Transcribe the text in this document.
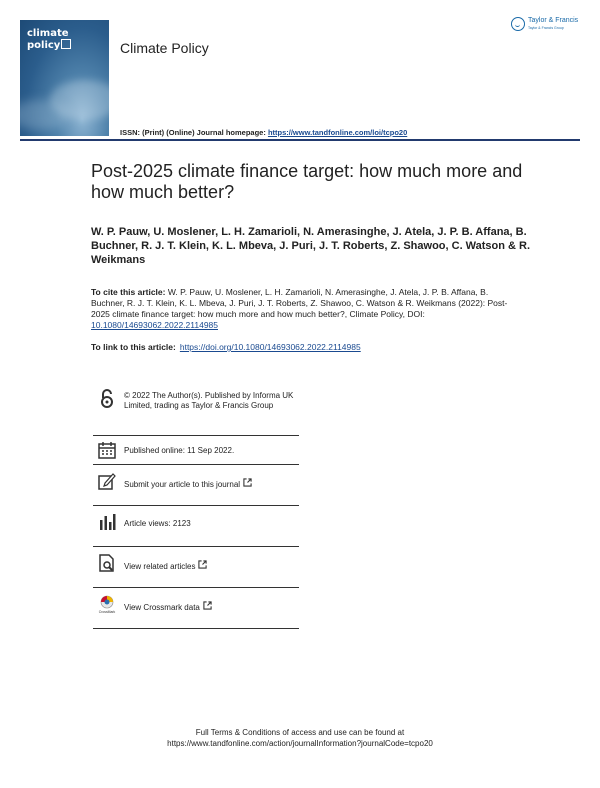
climate
policy	Climate Policy
Taylor & Francis
Taylor & Francis Group
ISSN: (Print) (Online) Journal homepage: https://www.tandfonline.com/loi/tcpo20
Post-2025 climate finance target: how much more and how much better?
W. P. Pauw, U. Moslener, L. H. Zamarioli, N. Amerasinghe, J. Atela, J. P. B. Affana, B. Buchner, R. J. T. Klein, K. L. Mbeva, J. Puri, J. T. Roberts, Z. Shawoo, C. Watson & R. Weikmans
To cite this article: W. P. Pauw, U. Moslener, L. H. Zamarioli, N. Amerasinghe, J. Atela, J. P. B. Affana, B. Buchner, R. J. T. Klein, K. L. Mbeva, J. Puri, J. T. Roberts, Z. Shawoo, C. Watson & R. Weikmans (2022): Post-2025 climate finance target: how much more and how much better?, Climate Policy, DOI: 10.1080/14693062.2022.2114985
To link to this article: https://doi.org/10.1080/14693062.2022.2114985
© 2022 The Author(s). Published by Informa UK Limited, trading as Taylor & Francis Group
Published online: 11 Sep 2022.
Submit your article to this journal
Article views: 2123
View related articles
CrossMark View Crossmark data
Full Terms & Conditions of access and use can be found at
https://www.tandfonline.com/action/journalInformation?journalCode=tcpo20
